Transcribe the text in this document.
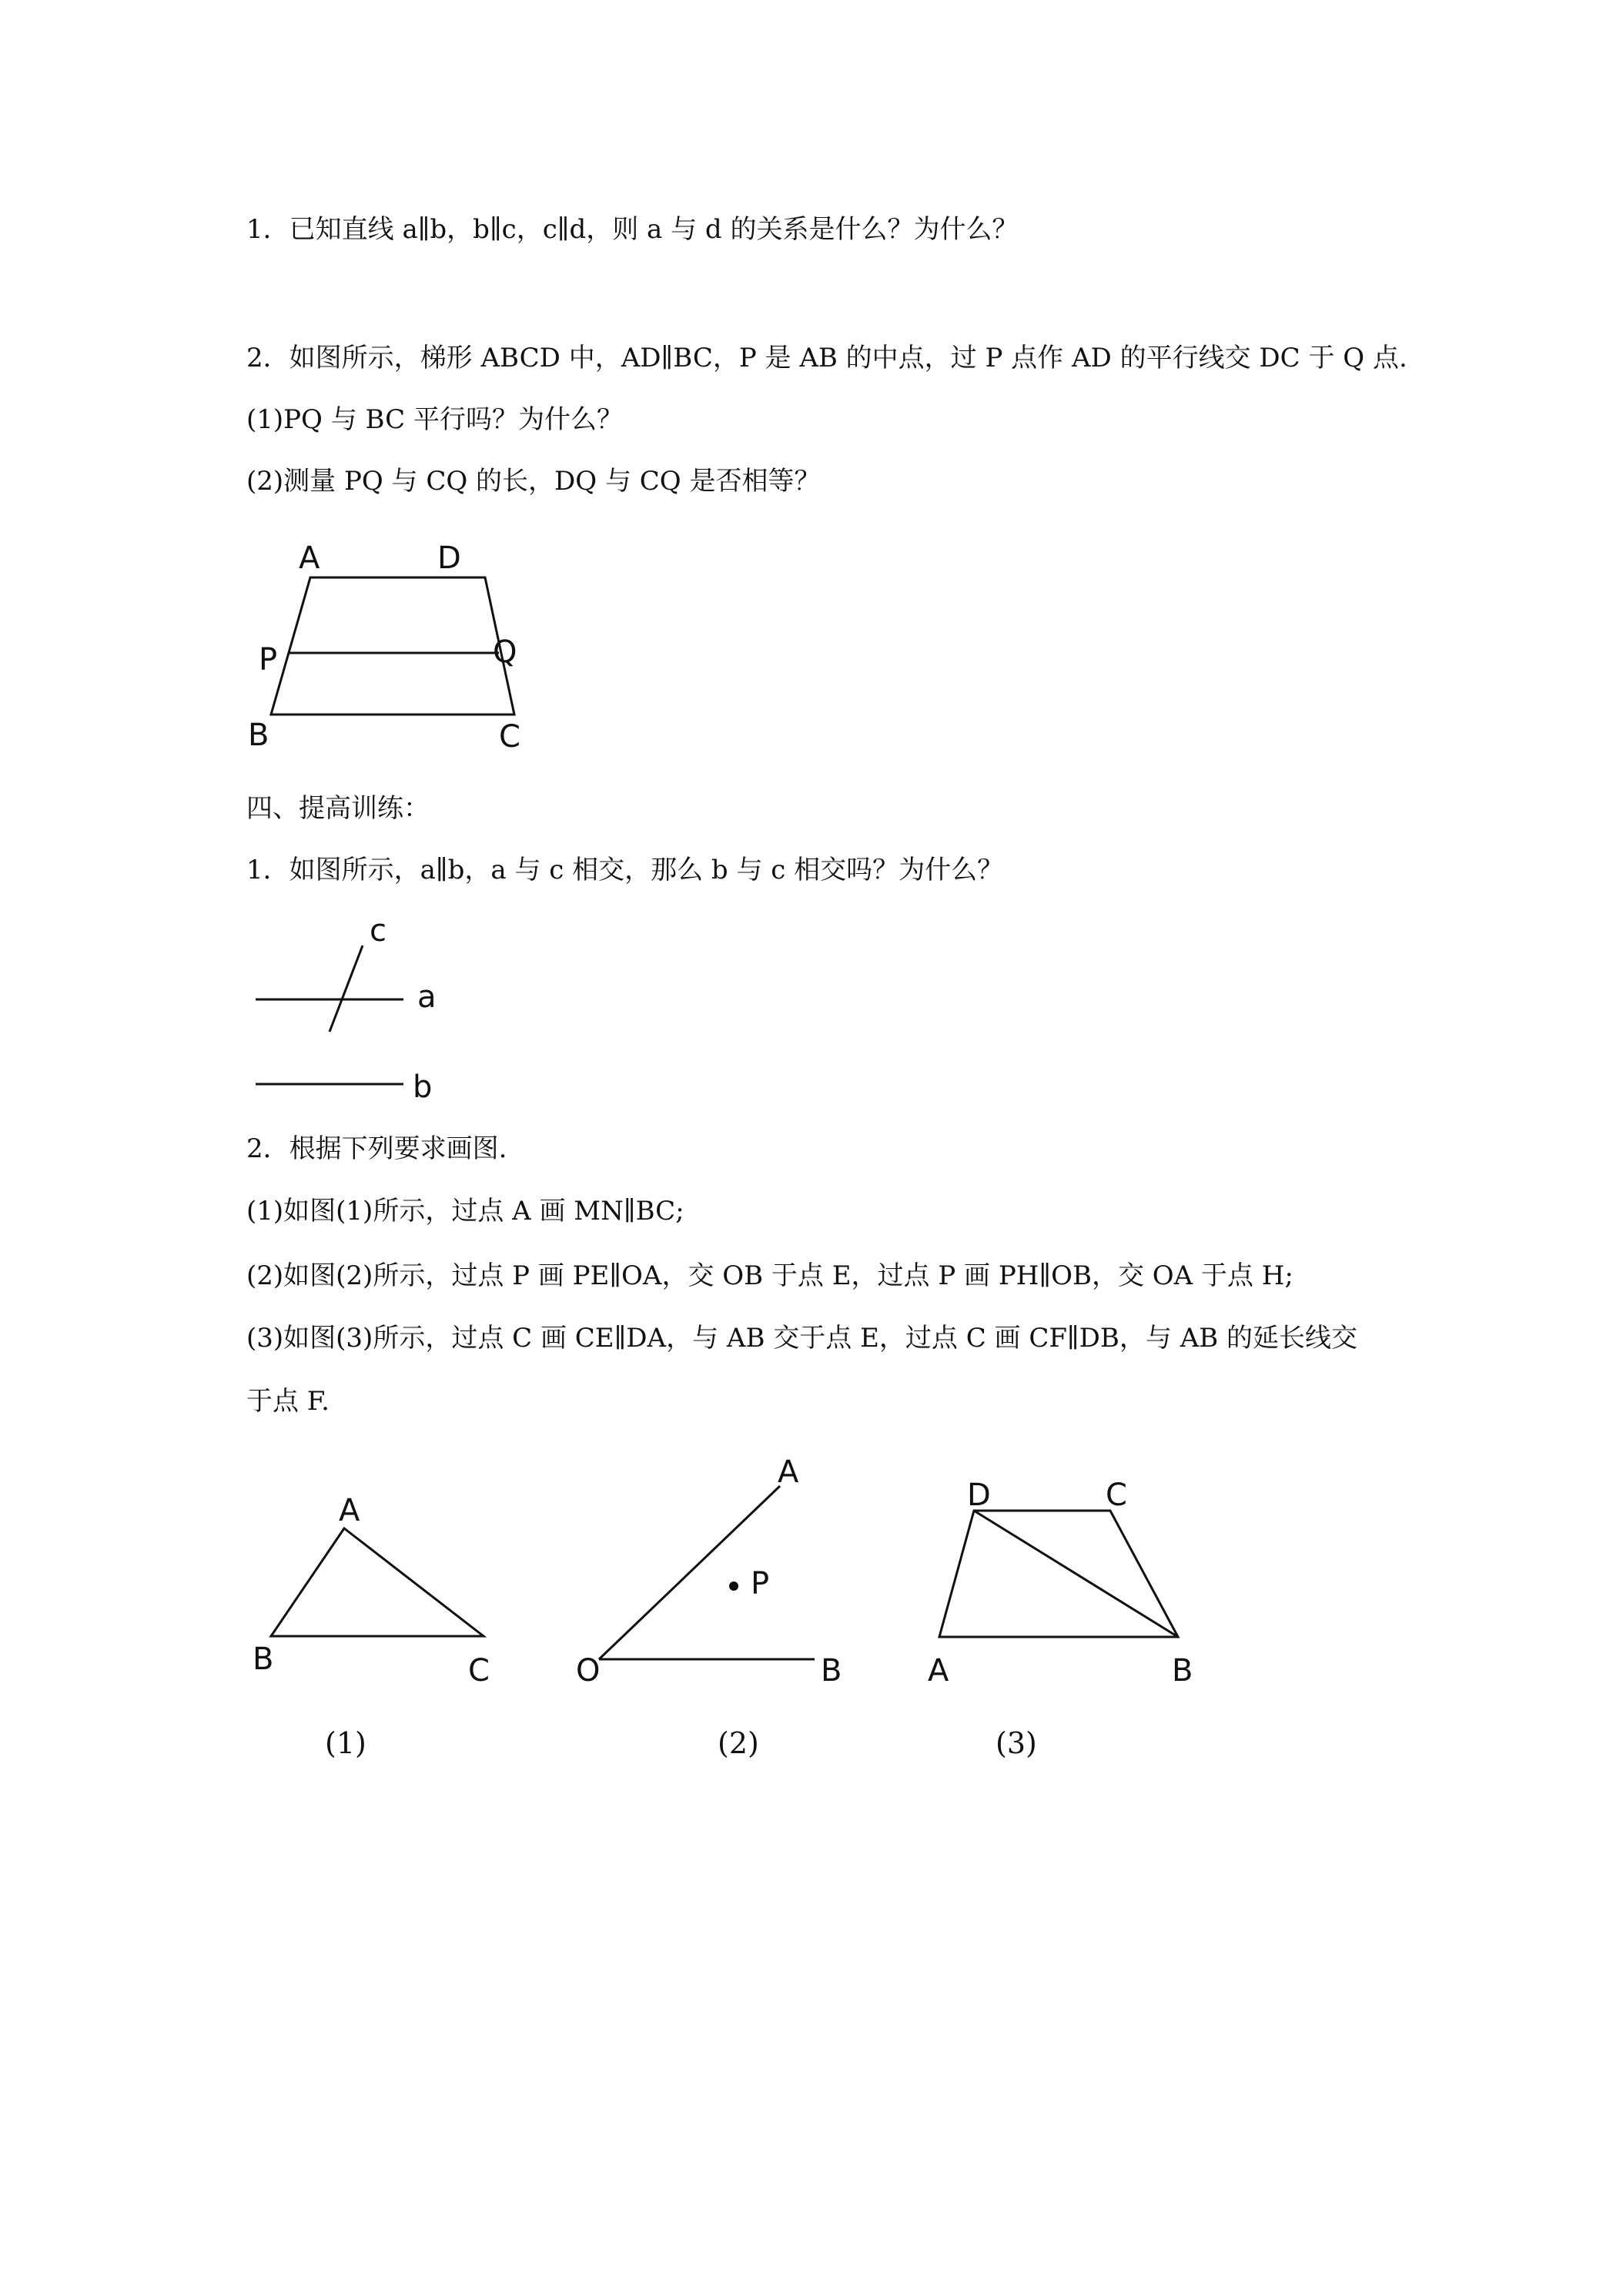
1．已知直线 a∥b，b∥c，c∥d，则 a 与 d 的关系是什么？为什么？
2．如图所示，梯形 ABCD 中，AD∥BC，P 是 AB 的中点，过 P 点作 AD 的平行线交 DC 于 Q 点.
(1)PQ 与 BC 平行吗？为什么？
(2)测量 PQ 与 CQ 的长，DQ 与 CQ 是否相等？
A	D
P	Q
B	C
四、提高训练：
1．如图所示，a∥b，a 与 c 相交，那么 b 与 c 相交吗？为什么？
c
a
b
2．根据下列要求画图.
(1)如图(1)所示，过点 A 画 MN∥BC;
(2)如图(2)所示，过点 P 画 PE∥OA，交 OB 于点 E，过点 P 画 PH∥OB，交 OA 于点 H;
(3)如图(3)所示，过点 C 画 CE∥DA，与 AB 交于点 E，过点 C 画 CF∥DB，与 AB 的延长线交
于点 F.
A
B	C
A
P
O	B
D	C
A	B
(1)	(2)	(3)
